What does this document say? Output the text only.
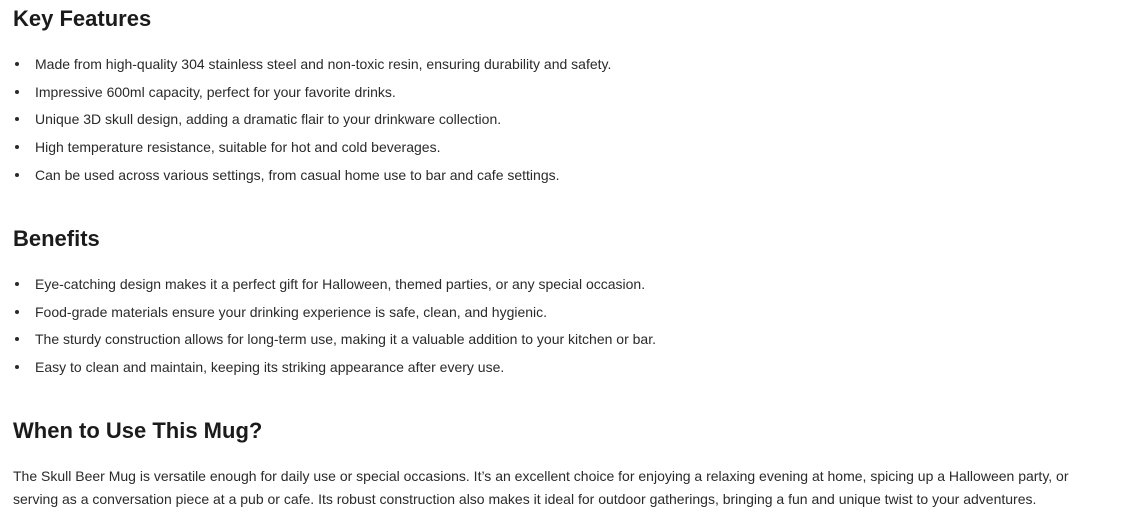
Key Features
Made from high-quality 304 stainless steel and non-toxic resin, ensuring durability and safety.
Impressive 600ml capacity, perfect for your favorite drinks.
Unique 3D skull design, adding a dramatic flair to your drinkware collection.
High temperature resistance, suitable for hot and cold beverages.
Can be used across various settings, from casual home use to bar and cafe settings.
Benefits
Eye-catching design makes it a perfect gift for Halloween, themed parties, or any special occasion.
Food-grade materials ensure your drinking experience is safe, clean, and hygienic.
The sturdy construction allows for long-term use, making it a valuable addition to your kitchen or bar.
Easy to clean and maintain, keeping its striking appearance after every use.
When to Use This Mug?

The Skull Beer Mug is versatile enough for daily use or special occasions. It’s an excellent choice for enjoying a relaxing evening at home, spicing up a Halloween party, or serving as a conversation piece at a pub or cafe. Its robust construction also makes it ideal for outdoor gatherings, bringing a fun and unique twist to your adventures.
